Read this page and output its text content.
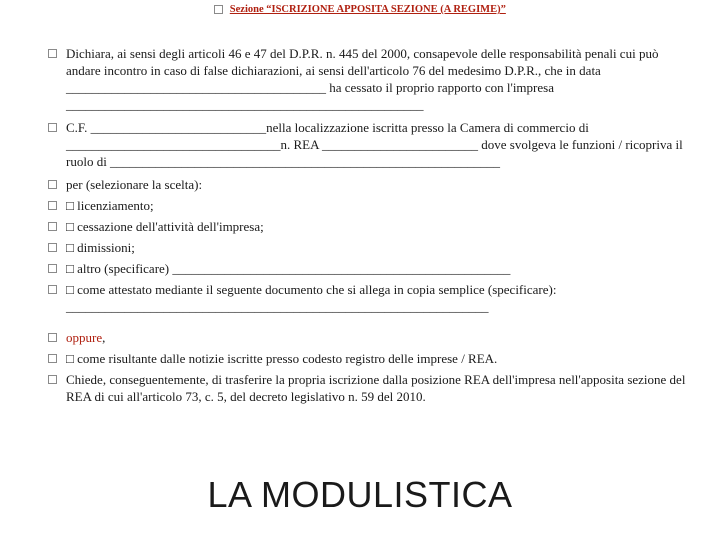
Sezione “ISCRIZIONE APPOSITA SEZIONE (A REGIME)”
Dichiara, ai sensi degli articoli 46 e 47 del D.P.R. n. 445 del 2000, consapevole delle responsabilità penali cui può andare incontro in caso di false dichiarazioni, ai sensi dell'articolo 76 del medesimo D.P.R., che in data ________________________________________ ha cessato il proprio rapporto con l'impresa _______________________________________________________
C.F. ___________________________nella localizzazione iscritta presso la Camera di commercio di _________________________________n. REA ________________________ dove svolgeva le funzioni / ricopriva il ruolo di ____________________________________________________________
per (selezionare la scelta):
□ licenziamento;
□ cessazione dell'attività dell'impresa;
□ dimissioni;
□ altro (specificare) ____________________________________________________
□ come attestato mediante il seguente documento che si allega in copia semplice (specificare): _________________________________________________________________
oppure,
□ come risultante dalle notizie iscritte presso codesto registro delle imprese / REA.
Chiede, conseguentemente, di trasferire la propria iscrizione dalla posizione REA dell'impresa nell'apposita sezione del REA di cui all'articolo 73, c. 5, del decreto legislativo n. 59 del 2010.
LA MODULISTICA
